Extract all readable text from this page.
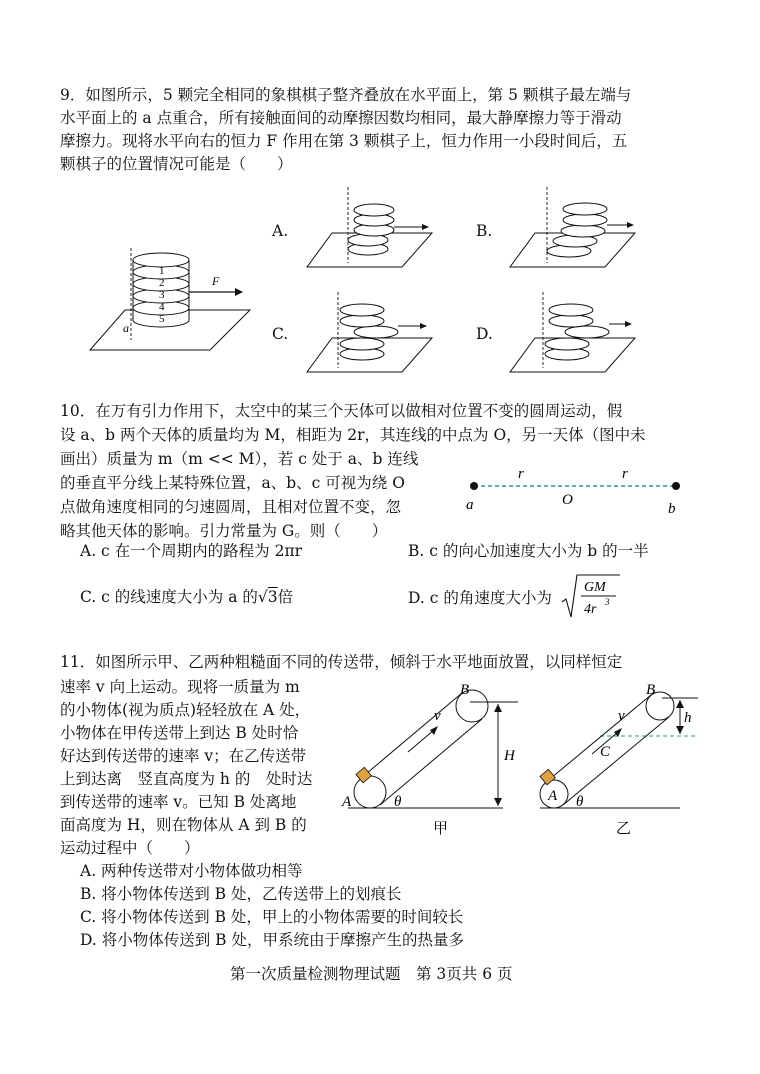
9．如图所示，5 颗完全相同的象棋棋子整齐叠放在水平面上，第 5 颗棋子最左端与
水平面上的 a 点重合，所有接触面间的动摩擦因数均相同，最大静摩擦力等于滑动
摩擦力。现将水平向右的恒力 F 作用在第 3 颗棋子上，恒力作用一小段时间后，五
颗棋子的位置情况可能是（　　）
1
2
3
4
5
F
a
A.	B.
C.	D.
10．在万有引力作用下，太空中的某三个天体可以做相对位置不变的圆周运动，假
设 a、b 两个天体的质量均为 M，相距为 2r，其连线的中点为 O，另一天体（图中未
画出）质量为 m（m << M），若 c 处于 a、b 连线
的垂直平分线上某特殊位置，a、b、c 可视为绕 O
点做角速度相同的匀速圆周，且相对位置不变，忽
略其他天体的影响。引力常量为 G。则（　　）
r	r
a	O
b
A. c 在一个周期内的路程为 2πr	B. c 的向心加速度大小为 b 的一半
C. c 的线速度大小为 a 的√3倍	D. c 的角速度大小为
GM
4r 3
11．如图所示甲、乙两种粗糙面不同的传送带，倾斜于水平地面放置，以同样恒定
速率 v 向上运动。现将一质量为 m
的小物体(视为质点)轻轻放在 A 处，
小物体在甲传送带上到达 B 处时恰
好达到传送带的速率 v；在乙传送带
上到达离　竖直高度为 h 的　处时达
到传送带的速率 v。已知 B 处离地
面高度为 H，则在物体从 A 到 B 的
运动过程中（　　）
v
B
H
A	θ
甲
v
B
h
C
A θ
乙
A. 两种传送带对小物体做功相等
B. 将小物体传送到 B 处，乙传送带上的划痕长
C. 将小物体传送到 B 处，甲上的小物体需要的时间较长
D. 将小物体传送到 B 处，甲系统由于摩擦产生的热量多
第一次质量检测物理试题　第 3页共 6 页
